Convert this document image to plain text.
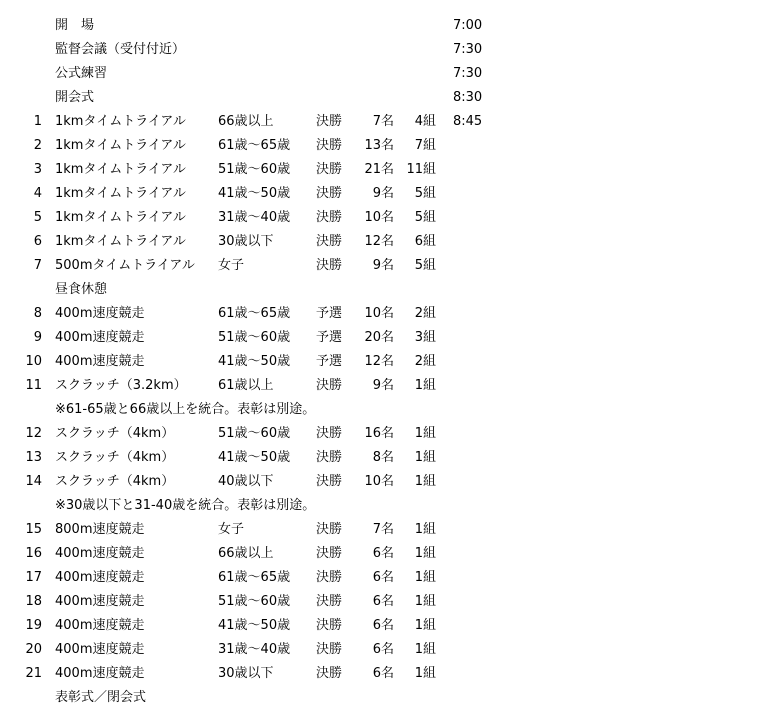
開　場	7:00
監督会議（受付付近）	7:30
公式練習	7:30
開会式	8:30
1 1kmタイムトライアル 66歳以上	決勝	7名	4組 8:45
2 1kmタイムトライアル 61歳～65歳 決勝	13名	7組
3 1kmタイムトライアル 51歳～60歳 決勝	21名 11組
4 1kmタイムトライアル 41歳～50歳 決勝	9名	5組
5 1kmタイムトライアル 31歳～40歳 決勝	10名	5組
6 1kmタイムトライアル 30歳以下	決勝	12名	6組
7 500mタイムトライアル 女子	決勝	9名	5組
昼食休憩
8 400m速度競走	61歳～65歳 予選	10名	2組
9 400m速度競走	51歳～60歳 予選	20名	3組
10 400m速度競走	41歳～50歳 予選	12名	2組
11 スクラッチ（3.2km） 61歳以上	決勝	9名	1組
※61-65歳と66歳以上を統合。表彰は別途。
12 スクラッチ（4km）	51歳～60歳 決勝	16名	1組
13 スクラッチ（4km）	41歳～50歳 決勝	8名	1組
14 スクラッチ（4km）	40歳以下	決勝	10名	1組
※30歳以下と31-40歳を統合。表彰は別途。
15 800m速度競走	女子	決勝	7名	1組
16 400m速度競走	66歳以上	決勝	6名	1組
17 400m速度競走	61歳～65歳 決勝	6名	1組
18 400m速度競走	51歳～60歳 決勝	6名	1組
19 400m速度競走	41歳～50歳 決勝	6名	1組
20 400m速度競走	31歳～40歳 決勝	6名	1組
21 400m速度競走	30歳以下	決勝	6名	1組
表彰式／閉会式
